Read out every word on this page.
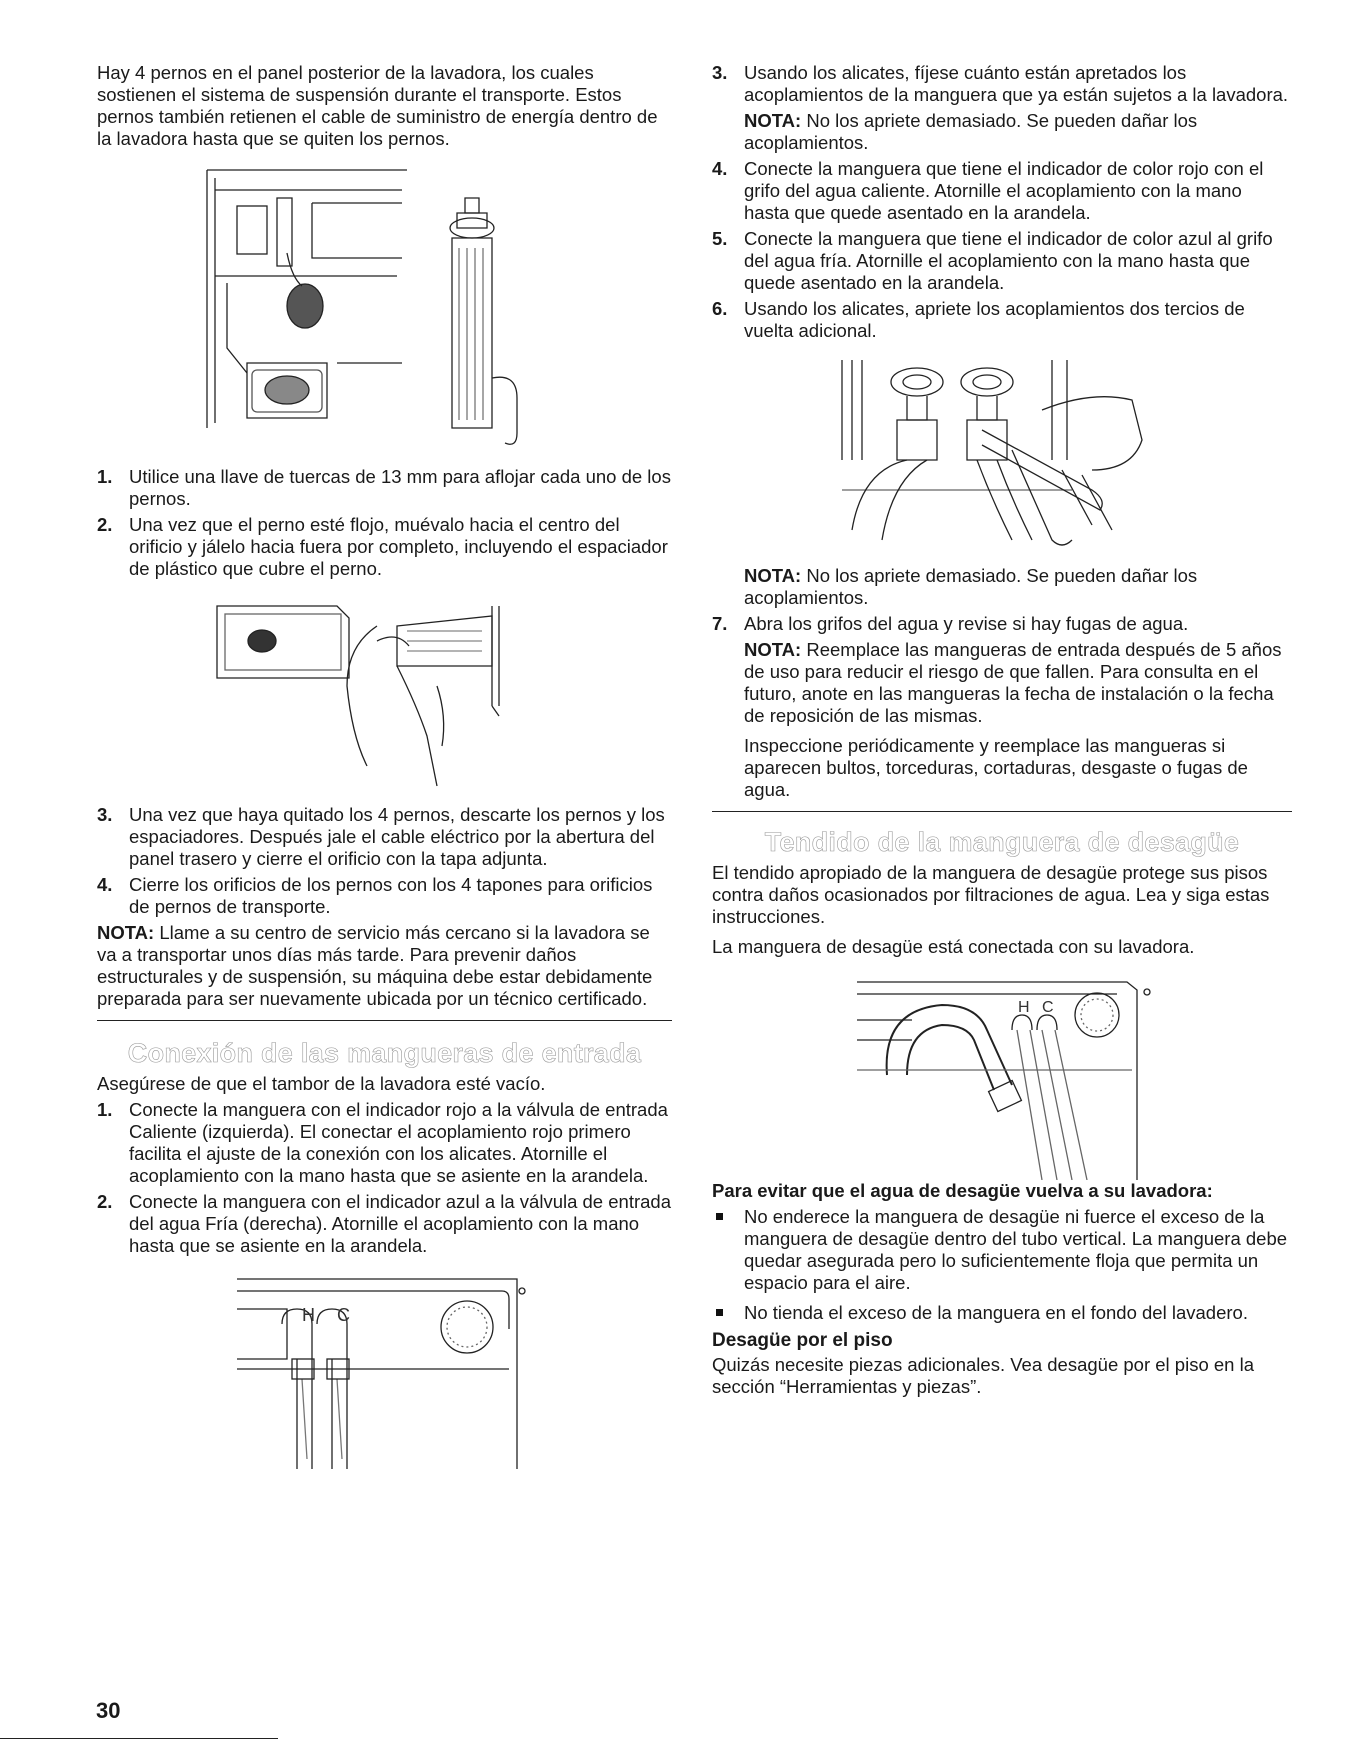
Hay 4 pernos en el panel posterior de la lavadora, los cuales sostienen el sistema de suspensión durante el transporte. Estos pernos también retienen el cable de suministro de energía dentro de la lavadora hasta que se quiten los pernos.

1. Utilice una llave de tuercas de 13 mm para aflojar cada uno de los pernos.
2. Una vez que el perno esté flojo, muévalo hacia el centro del orificio y jálelo hacia fuera por completo, incluyendo el espaciador de plástico que cubre el perno.
3. Una vez que haya quitado los 4 pernos, descarte los pernos y los espaciadores. Después jale el cable eléctrico por la abertura del panel trasero y cierre el orificio con la tapa adjunta.
4. Cierre los orificios de los pernos con los 4 tapones para orificios de pernos de transporte.

NOTA: Llame a su centro de servicio más cercano si la lavadora se va a transportar unos días más tarde. Para prevenir daños estructurales y de suspensión, su máquina debe estar debidamente preparada para ser nuevamente ubicada por un técnico certificado.

Conexión de las mangueras de entrada

Asegúrese de que el tambor de la lavadora esté vacío.

1. Conecte la manguera con el indicador rojo a la válvula de entrada Caliente (izquierda). El conectar el acoplamiento rojo primero facilita el ajuste de la conexión con los alicates. Atornille el acoplamiento con la mano hasta que se asiente en la arandela.
2. Conecte la manguera con el indicador azul a la válvula de entrada del agua Fría (derecha). Atornille el acoplamiento con la mano hasta que se asiente en la arandela.
H C
3. Usando los alicates, fíjese cuánto están apretados los acoplamientos de la manguera que ya están sujetos a la lavadora.

NOTA: No los apriete demasiado. Se pueden dañar los acoplamientos.

4. Conecte la manguera que tiene el indicador de color rojo con el grifo del agua caliente. Atornille el acoplamiento con la mano hasta que quede asentado en la arandela.
5. Conecte la manguera que tiene el indicador de color azul al grifo del agua fría. Atornille el acoplamiento con la mano hasta que quede asentado en la arandela.
6. Usando los alicates, apriete los acoplamientos dos tercios de vuelta adicional.

NOTA: No los apriete demasiado. Se pueden dañar los acoplamientos.

7. Abra los grifos del agua y revise si hay fugas de agua.

NOTA: Reemplace las mangueras de entrada después de 5 años de uso para reducir el riesgo de que fallen. Para consulta en el futuro, anote en las mangueras la fecha de instalación o la fecha de reposición de las mismas.

Inspeccione periódicamente y reemplace las mangueras si aparecen bultos, torceduras, cortaduras, desgaste o fugas de agua.

Tendido de la manguera de desagüe

El tendido apropiado de la manguera de desagüe protege sus pisos contra daños ocasionados por filtraciones de agua. Lea y siga estas instrucciones.

La manguera de desagüe está conectada con su lavadora.

H C

Para evitar que el agua de desagüe vuelva a su lavadora:

No enderece la manguera de desagüe ni fuerce el exceso de la manguera de desagüe dentro del tubo vertical. La manguera debe quedar asegurada pero lo suficientemente floja que permita un espacio para el aire.
No tienda el exceso de la manguera en el fondo del lavadero.

Desagüe por el piso

Quizás necesite piezas adicionales. Vea desagüe por el piso en la sección “Herramientas y piezas”.

30
